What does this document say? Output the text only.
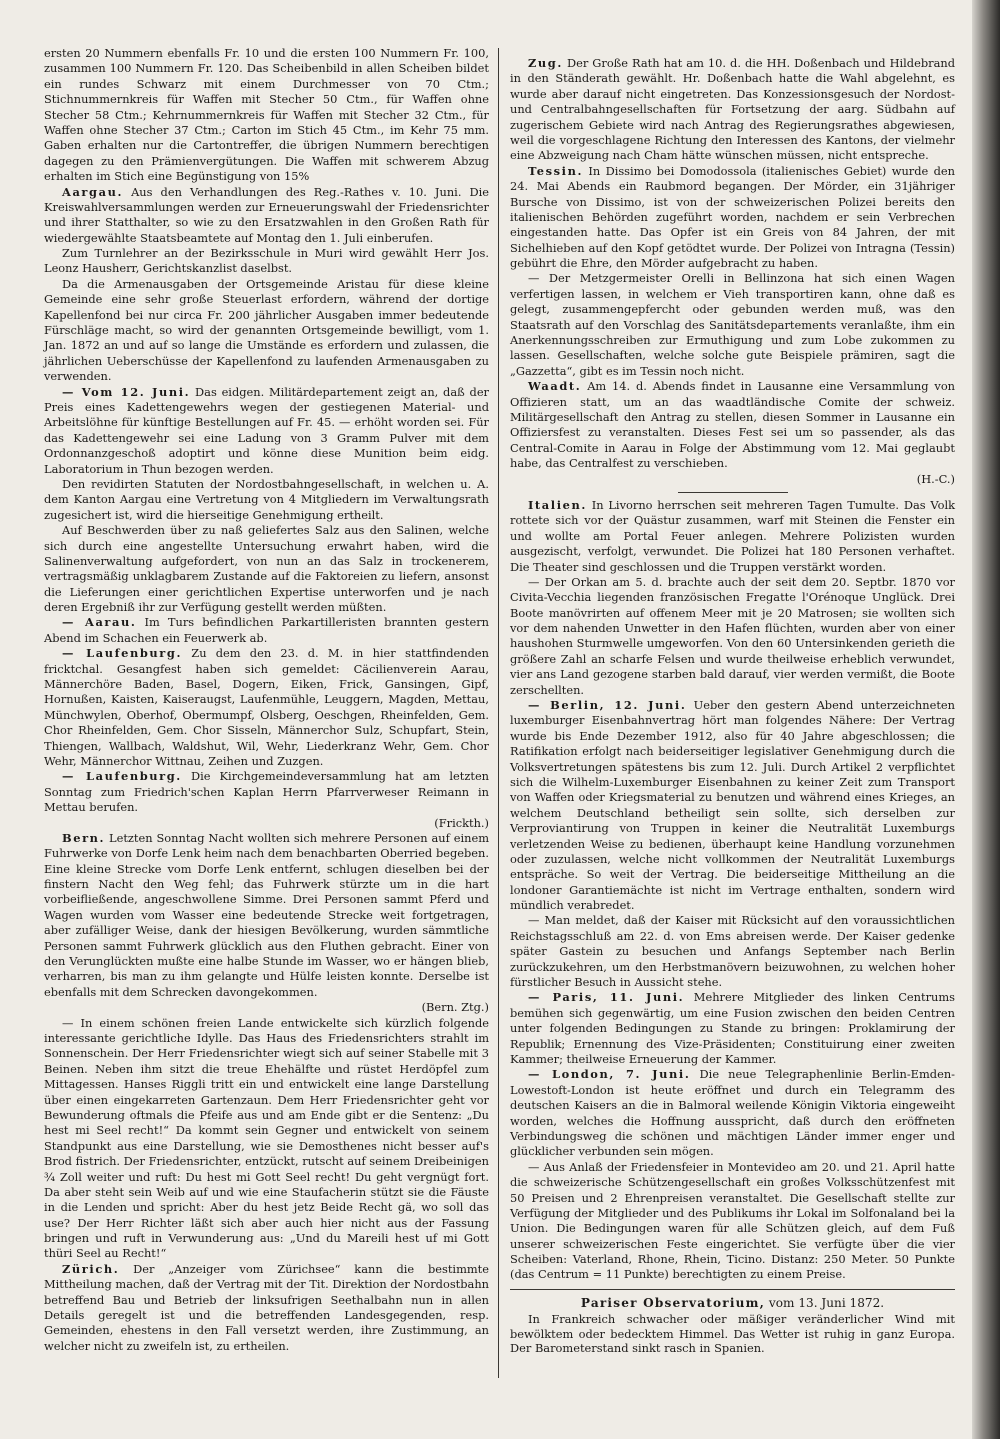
ersten 20 Nummern ebenfalls Fr. 10 und die ersten 100 Nummern Fr. 100, zusammen 100 Nummern Fr. 120. Das Scheibenbild in allen Scheiben bildet ein rundes Schwarz mit einem Durchmesser von 70 Ctm.; Stichnummernkreis für Waffen mit Stecher 50 Ctm., für Waffen ohne Stecher 58 Ctm.; Kehrnummernkreis für Waffen mit Stecher 32 Ctm., für Waffen ohne Stecher 37 Ctm.; Carton im Stich 45 Ctm., im Kehr 75 mm. Gaben erhalten nur die Cartontreffer, die übrigen Nummern berechtigen dagegen zu den Prämienvergütungen. Die Waffen mit schwerem Abzug erhalten im Stich eine Begünstigung von 15%

Aargau. Aus den Verhandlungen des Reg.-Rathes v. 10. Juni. Die Kreiswahlversammlungen werden zur Erneuerungswahl der Friedensrichter und ihrer Statthalter, so wie zu den Ersatzwahlen in den Großen Rath für wiedergewählte Staatsbeamtete auf Montag den 1. Juli einberufen.

Zum Turnlehrer an der Bezirksschule in Muri wird gewählt Herr Jos. Leonz Hausherr, Gerichtskanzlist daselbst.

Da die Armenausgaben der Ortsgemeinde Aristau für diese kleine Gemeinde eine sehr große Steuerlast erfordern, während der dortige Kapellenfond bei nur circa Fr. 200 jährlicher Ausgaben immer bedeutende Fürschläge macht, so wird der genannten Ortsgemeinde bewilligt, vom 1. Jan. 1872 an und auf so lange die Umstände es erfordern und zulassen, die jährlichen Ueberschüsse der Kapellenfond zu laufenden Armenausgaben zu verwenden.

— Vom 12. Juni. Das eidgen. Militärdepartement zeigt an, daß der Preis eines Kadettengewehrs wegen der gestiegenen Material- und Arbeitslöhne für künftige Bestellungen auf Fr. 45. — erhöht worden sei. Für das Kadettengewehr sei eine Ladung von 3 Gramm Pulver mit dem Ordonnanzgeschoß adoptirt und könne diese Munition beim eidg. Laboratorium in Thun bezogen werden.

Den revidirten Statuten der Nordostbahngesellschaft, in welchen u. A. dem Kanton Aargau eine Vertretung von 4 Mitgliedern im Verwaltungsrath zugesichert ist, wird die hierseitige Genehmigung ertheilt.

Auf Beschwerden über zu naß geliefertes Salz aus den Salinen, welche sich durch eine angestellte Untersuchung erwahrt haben, wird die Salinenverwaltung aufgefordert, von nun an das Salz in trockenerem, vertragsmäßig unklagbarem Zustande auf die Faktoreien zu liefern, ansonst die Lieferungen einer gerichtlichen Expertise unterworfen und je nach deren Ergebniß ihr zur Verfügung gestellt werden müßten.

— Aarau. Im Turs befindlichen Parkartilleristen brannten gestern Abend im Schachen ein Feuerwerk ab.

— Laufenburg. Zu dem den 23. d. M. in hier stattfindenden fricktchal. Gesangfest haben sich gemeldet: Cäcilienverein Aarau, Männerchöre Baden, Basel, Dogern, Eiken, Frick, Gansingen, Gipf, Hornußen, Kaisten, Kaiseraugst, Laufenmühle, Leuggern, Magden, Mettau, Münchwylen, Oberhof, Obermumpf, Olsberg, Oeschgen, Rheinfelden, Gem. Chor Rheinfelden, Gem. Chor Sisseln, Männerchor Sulz, Schupfart, Stein, Thiengen, Wallbach, Waldshut, Wil, Wehr, Liederkranz Wehr, Gem. Chor Wehr, Männerchor Wittnau, Zeihen und Zuzgen.

— Laufenburg. Die Kirchgemeindeversammlung hat am letzten Sonntag zum Friedrich'schen Kaplan Herrn Pfarrverweser Reimann in Mettau berufen.
(Frickth.)

Bern. Letzten Sonntag Nacht wollten sich mehrere Personen auf einem Fuhrwerke von Dorfe Lenk heim nach dem benachbarten Oberried begeben. Eine kleine Strecke vom Dorfe Lenk entfernt, schlugen dieselben bei der finstern Nacht den Weg fehl; das Fuhrwerk stürzte um in die hart vorbeifließende, angeschwollene Simme. Drei Personen sammt Pferd und Wagen wurden vom Wasser eine bedeutende Strecke weit fortgetragen, aber zufälliger Weise, dank der hiesigen Bevölkerung, wurden sämmtliche Personen sammt Fuhrwerk glücklich aus den Fluthen gebracht. Einer von den Verunglückten mußte eine halbe Stunde im Wasser, wo er hängen blieb, verharren, bis man zu ihm gelangte und Hülfe leisten konnte. Derselbe ist ebenfalls mit dem Schrecken davongekommen.
(Bern. Ztg.)

— In einem schönen freien Lande entwickelte sich kürzlich folgende interessante gerichtliche Idylle. Das Haus des Friedensrichters strahlt im Sonnenschein. Der Herr Friedensrichter wiegt sich auf seiner Stabelle mit 3 Beinen. Neben ihm sitzt die treue Ehehälfte und rüstet Herdöpfel zum Mittagessen. Hanses Riggli tritt ein und entwickelt eine lange Darstellung über einen eingekarreten Gartenzaun. Dem Herr Friedensrichter geht vor Bewunderung oftmals die Pfeife aus und am Ende gibt er die Sentenz: „Du hest mi Seel recht!“ Da kommt sein Gegner und entwickelt von seinem Standpunkt aus eine Darstellung, wie sie Demosthenes nicht besser auf's Brod fistrich. Der Friedensrichter, entzückt, rutscht auf seinem Dreibeinigen ¾ Zoll weiter und ruft: Du hest mi Gott Seel recht! Du geht vergnügt fort. Da aber steht sein Weib auf und wie eine Staufacherin stützt sie die Fäuste in die Lenden und spricht: Aber du hest jetz Beide Recht gä, wo soll das use? Der Herr Richter läßt sich aber auch hier nicht aus der Fassung bringen und ruft in Verwunderung aus: „Und du Mareili hest uf mi Gott thüri Seel au Recht!“

Zürich. Der „Anzeiger vom Zürichsee“ kann die bestimmte Mittheilung machen, daß der Vertrag mit der Tit. Direktion der Nordostbahn betreffend Bau und Betrieb der linksufrigen Seethalbahn nun in allen Details geregelt ist und die betreffenden Landesgegenden, resp. Gemeinden, ehestens in den Fall versetzt werden, ihre Zustimmung, an welcher nicht zu zweifeln ist, zu ertheilen.

Zug. Der Große Rath hat am 10. d. die HH. Doßenbach und Hildebrand in den Ständerath gewählt. Hr. Doßenbach hatte die Wahl abgelehnt, es wurde aber darauf nicht eingetreten. Das Konzessionsgesuch der Nordost- und Centralbahngesellschaften für Fortsetzung der aarg. Südbahn auf zugerischem Gebiete wird nach Antrag des Regierungsrathes abgewiesen, weil die vorgeschlagene Richtung den Interessen des Kantons, der vielmehr eine Abzweigung nach Cham hätte wünschen müssen, nicht entspreche.

Tessin. In Dissimo bei Domodossola (italienisches Gebiet) wurde den 24. Mai Abends ein Raubmord begangen. Der Mörder, ein 31jähriger Bursche von Dissimo, ist von der schweizerischen Polizei bereits den italienischen Behörden zugeführt worden, nachdem er sein Verbrechen eingestanden hatte. Das Opfer ist ein Greis von 84 Jahren, der mit Sichelhieben auf den Kopf getödtet wurde. Der Polizei von Intragna (Tessin) gebührt die Ehre, den Mörder aufgebracht zu haben.

— Der Metzgermeister Orelli in Bellinzona hat sich einen Wagen verfertigen lassen, in welchem er Vieh transportiren kann, ohne daß es gelegt, zusammengepfercht oder gebunden werden muß, was den Staatsrath auf den Vorschlag des Sanitätsdepartements veranlaßte, ihm ein Anerkennungsschreiben zur Ermuthigung und zum Lobe zukommen zu lassen. Gesellschaften, welche solche gute Beispiele prämiren, sagt die „Gazzetta“, gibt es im Tessin noch nicht.

Waadt. Am 14. d. Abends findet in Lausanne eine Versammlung von Offizieren statt, um an das waadtländische Comite der schweiz. Militärgesellschaft den Antrag zu stellen, diesen Sommer in Lausanne ein Offiziersfest zu veranstalten. Dieses Fest sei um so passender, als das Central-Comite in Aarau in Folge der Abstimmung vom 12. Mai geglaubt habe, das Centralfest zu verschieben.
(H.-C.)

Italien. In Livorno herrschen seit mehreren Tagen Tumulte. Das Volk rottete sich vor der Quästur zusammen, warf mit Steinen die Fenster ein und wollte am Portal Feuer anlegen. Mehrere Polizisten wurden ausgezischt, verfolgt, verwundet. Die Polizei hat 180 Personen verhaftet. Die Theater sind geschlossen und die Truppen verstärkt worden.

— Der Orkan am 5. d. brachte auch der seit dem 20. Septbr. 1870 vor Civita-Vecchia liegenden französischen Fregatte l'Orénoque Unglück. Drei Boote manövrirten auf offenem Meer mit je 20 Matrosen; sie wollten sich vor dem nahenden Unwetter in den Hafen flüchten, wurden aber von einer haushohen Sturmwelle umgeworfen. Von den 60 Untersinkenden gerieth die größere Zahl an scharfe Felsen und wurde theilweise erheblich verwundet, vier ans Land gezogene starben bald darauf, vier werden vermißt, die Boote zerschellten.

— Berlin, 12. Juni. Ueber den gestern Abend unterzeichneten luxemburger Eisenbahnvertrag hört man folgendes Nähere: Der Vertrag wurde bis Ende Dezember 1912, also für 40 Jahre abgeschlossen; die Ratifikation erfolgt nach beiderseitiger legislativer Genehmigung durch die Volksvertretungen spätestens bis zum 12. Juli. Durch Artikel 2 verpflichtet sich die Wilhelm-Luxemburger Eisenbahnen zu keiner Zeit zum Transport von Waffen oder Kriegsmaterial zu benutzen und während eines Krieges, an welchem Deutschland betheiligt sein sollte, sich derselben zur Verproviantirung von Truppen in keiner die Neutralität Luxemburgs verletzenden Weise zu bedienen, überhaupt keine Handlung vorzunehmen oder zuzulassen, welche nicht vollkommen der Neutralität Luxemburgs entspräche. So weit der Vertrag. Die beiderseitige Mittheilung an die londoner Garantiemächte ist nicht im Vertrage enthalten, sondern wird mündlich verabredet.

— Man meldet, daß der Kaiser mit Rücksicht auf den voraussichtlichen Reichstagsschluß am 22. d. von Ems abreisen werde. Der Kaiser gedenke später Gastein zu besuchen und Anfangs September nach Berlin zurückzukehren, um den Herbstmanövern beizuwohnen, zu welchen hoher fürstlicher Besuch in Aussicht stehe.

— Paris, 11. Juni. Mehrere Mitglieder des linken Centrums bemühen sich gegenwärtig, um eine Fusion zwischen den beiden Centren unter folgenden Bedingungen zu Stande zu bringen: Proklamirung der Republik; Ernennung des Vize-Präsidenten; Constituirung einer zweiten Kammer; theilweise Erneuerung der Kammer.

— London, 7. Juni. Die neue Telegraphenlinie Berlin-Emden-Lowestoft-London ist heute eröffnet und durch ein Telegramm des deutschen Kaisers an die in Balmoral weilende Königin Viktoria eingeweiht worden, welches die Hoffnung ausspricht, daß durch den eröffneten Verbindungsweg die schönen und mächtigen Länder immer enger und glücklicher verbunden sein mögen.

— Aus Anlaß der Friedensfeier in Montevideo am 20. und 21. April hatte die schweizerische Schützengesellschaft ein großes Volksschützenfest mit 50 Preisen und 2 Ehrenpreisen veranstaltet. Die Gesellschaft stellte zur Verfügung der Mitglieder und des Publikums ihr Lokal im Solfonaland bei la Union. Die Bedingungen waren für alle Schützen gleich, auf dem Fuß unserer schweizerischen Feste eingerichtet. Sie verfügte über die vier Scheiben: Vaterland, Rhone, Rhein, Ticino. Distanz: 250 Meter. 50 Punkte (das Centrum = 11 Punkte) berechtigten zu einem Preise.

Pariser Observatorium, vom 13. Juni 1872.

In Frankreich schwacher oder mäßiger veränderlicher Wind mit bewölktem oder bedecktem Himmel. Das Wetter ist ruhig in ganz Europa. Der Barometerstand sinkt rasch in Spanien.
